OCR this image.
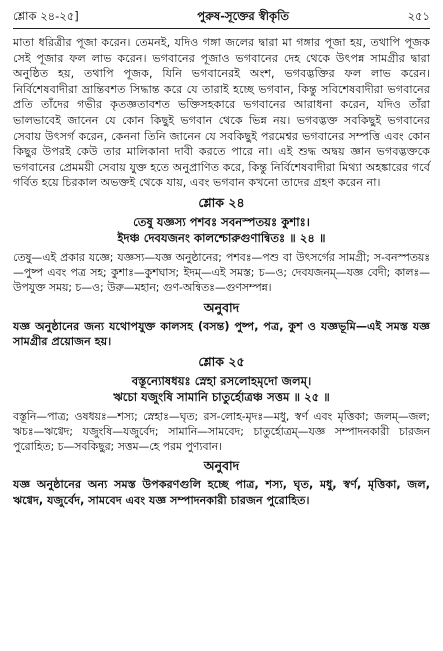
শ্লোক ২৪-২৫]	পুরুষ-সূক্তের স্বীকৃতি	২৫১

মাতা ধরিত্রীর পূজা করেন। তেমনই, যদিও গঙ্গা জলের দ্বারা মা গঙ্গার পূজা হয়, তথাপি পূজক সেই পূজার ফল লাভ করেন। ভগবানের পূজাও ভগবানের দেহ থেকে উৎপন্ন সামগ্রীর দ্বারা অনুষ্ঠিত হয়, তথাপি পূজক, যিনি ভগবানেরই অংশ, ভগবদ্ভক্তির ফল লাভ করেন। নির্বিশেষবাদীরা ভ্রান্তিবশত সিদ্ধান্ত করে যে তারাই হচ্ছে ভগবান, কিন্তু সবিশেষবাদীরা ভগবানের প্রতি তাঁদের গভীর কৃতজ্ঞতাবশত ভক্তিসহকারে ভগবানের আরাধনা করেন, যদিও তাঁরা ভালভাবেই জানেন যে কোন কিছুই ভগবান থেকে ভিন্ন নয়। ভগবদ্ভক্ত সবকিছুই ভগবানের সেবায় উৎসর্গ করেন, কেননা তিনি জানেন যে সবকিছুই পরমেশ্বর ভগবানের সম্পত্তি এবং কোন কিছুর উপরই কেউ তার মালিকানা দাবী করতে পারে না। এই শুদ্ধ অদ্বয় জ্ঞান ভগবদ্ভক্তকে ভগবানের প্রেমময়ী সেবায় যুক্ত হতে অনুপ্রাণিত করে, কিন্তু নির্বিশেষবাদীরা মিথ্যা অহঙ্কারের গর্বে গর্বিত হয়ে চিরকাল অভক্তই থেকে যায়, এবং ভগবান কখনো তাদের গ্রহণ করেন না।

শ্লোক ২৪
তেষু যজ্ঞস্য পশবঃ সবনস্পতয়ঃ কুশাঃ।
ইদঞ্চ দেবযজনং কালশ্চোরুগুণান্বিতঃ ॥ ২৪ ॥

তেষু—এই প্রকার যজ্ঞে; যজ্ঞস্য—যজ্ঞ অনুষ্ঠানের; পশবঃ—পশু বা উৎসর্গের সামগ্রী; স-বনস্পতয়ঃ—পুষ্প এবং পত্র সহ; কুশাঃ—কুশঘাস; ইদম্—এই সমস্ত; চ—ও; দেবযজনম্—যজ্ঞ বেদী; কালঃ—উপযুক্ত সময়; চ—ও; উরু—মহান; গুণ-অন্বিতঃ—গুণসম্পন্ন।

অনুবাদ

যজ্ঞ অনুষ্ঠানের জন্য যথোপযুক্ত কালসহ (বসন্ত) পুষ্প, পত্র, কুশ ও যজ্ঞভূমি—এই সমস্ত যজ্ঞ সামগ্রীর প্রয়োজন হয়।

শ্লোক ২৫
বস্তূন্যোষধয়ঃ স্নেহা রসলোহমৃদো জলম্।
ঋচো যজুংষি সামানি চাতুর্হোত্রঞ্চ সত্তম ॥ ২৫ ॥

বস্তূনি—পাত্র; ওষধয়ঃ—শস্য; স্নেহাঃ—ঘৃত; রস-লোহ-মৃদঃ—মধু, স্বর্ণ এবং মৃত্তিকা; জলম্—জল; ঋচঃ—ঋগ্বেদ; যজুংষি—যজুর্বেদ; সামানি—সামবেদ; চাতুর্হোত্রম্—যজ্ঞ সম্পাদনকারী চারজন পুরোহিত; চ—সবকিছুর; সত্তম—হে পরম পুণ্যবান।

অনুবাদ

যজ্ঞ অনুষ্ঠানের অন্য সমস্ত উপকরণগুলি হচ্ছে পাত্র, শস্য, ঘৃত, মধু, স্বর্ণ, মৃত্তিকা, জল, ঋগ্বেদ, যজুর্বেদ, সামবেদ এবং যজ্ঞ সম্পাদনকারী চারজন পুরোহিত।
